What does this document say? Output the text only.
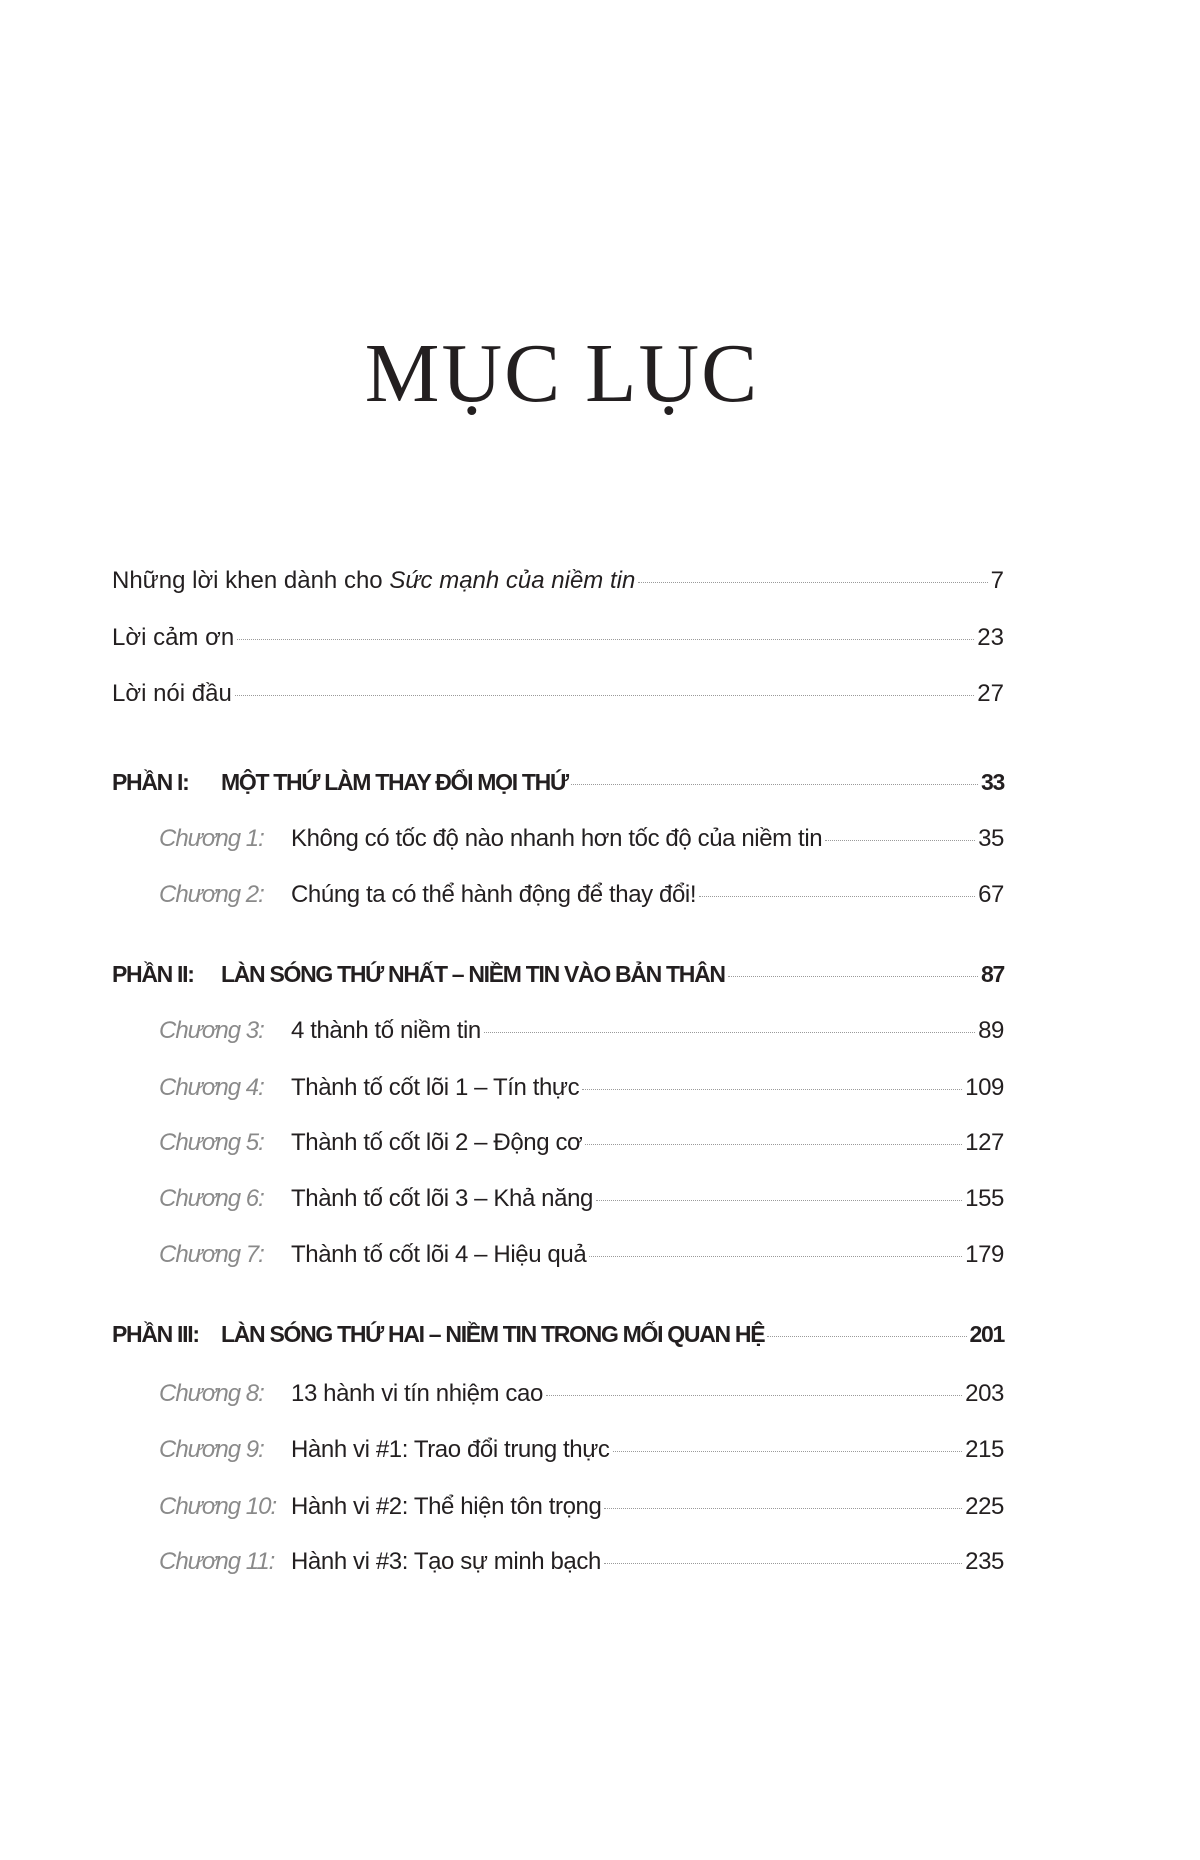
MỤC LỤC
Những lời khen dành cho Sức mạnh của niềm tin	7
Lời cảm ơn	23
Lời nói đầu	27
PHẦN I: MỘT THỨ LÀM THAY ĐỔI MỌI THỨ	33
Chương 1: Không có tốc độ nào nhanh hơn tốc độ của niềm tin	35
Chương 2: Chúng ta có thể hành động để thay đổi!	67
PHẦN II: LÀN SÓNG THỨ NHẤT – NIỀM TIN VÀO BẢN THÂN	87
Chương 3: 4 thành tố niềm tin	89
Chương 4: Thành tố cốt lõi 1 – Tín thực	109
Chương 5: Thành tố cốt lõi 2 – Động cơ	127
Chương 6: Thành tố cốt lõi 3 – Khả năng	155
Chương 7: Thành tố cốt lõi 4 – Hiệu quả	179
PHẦN III: LÀN SÓNG THỨ HAI – NIỀM TIN TRONG MỐI QUAN HỆ	201
Chương 8: 13 hành vi tín nhiệm cao	203
Chương 9: Hành vi #1: Trao đổi trung thực	215
Chương 10: Hành vi #2: Thể hiện tôn trọng	225
Chương 11: Hành vi #3: Tạo sự minh bạch	235
